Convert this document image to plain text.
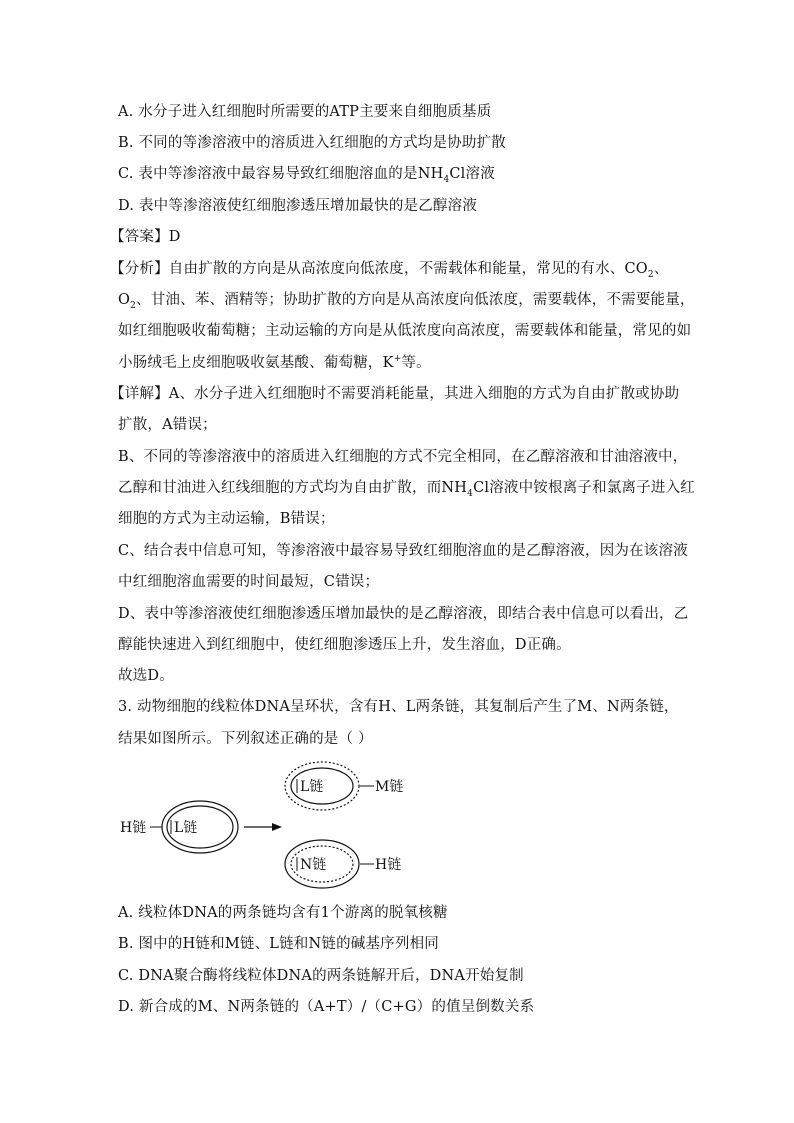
A. 水分子进入红细胞时所需要的ATP主要来自细胞质基质
B. 不同的等渗溶液中的溶质进入红细胞的方式均是协助扩散
C. 表中等渗溶液中最容易导致红细胞溶血的是$NH_4Cl$溶液
D. 表中等渗溶液使红细胞渗透压增加最快的是乙醇溶液
【答案】D
【分析】自由扩散的方向是从高浓度向低浓度，不需载体和能量，常见的有水、$CO_2$、
$O_2$、甘油、苯、酒精等；协助扩散的方向是从高浓度向低浓度，需要载体，不需要能量，
如红细胞吸收葡萄糖；主动运输的方向是从低浓度向高浓度，需要载体和能量，常见的如
小肠绒毛上皮细胞吸收氨基酸、葡萄糖，K+等。
【详解】A、水分子进入红细胞时不需要消耗能量，其进入细胞的方式为自由扩散或协助
扩散，A错误；
B、不同的等渗溶液中的溶质进入红细胞的方式不完全相同，在乙醇溶液和甘油溶液中，
乙醇和甘油进入红线细胞的方式均为自由扩散，而$NH_4Cl$溶液中铵根离子和氯离子进入红
细胞的方式为主动运输，B错误；
C、结合表中信息可知，等渗溶液中最容易导致红细胞溶血的是乙醇溶液，因为在该溶液
中红细胞溶血需要的时间最短，C错误；
D、表中等渗溶液使红细胞渗透压增加最快的是乙醇溶液，即结合表中信息可以看出，乙
醇能快速进入到红细胞中，使红细胞渗透压上升，发生溶血，D正确。
故选D。
3. 动物细胞的线粒体DNA呈环状，含有H、L两条链，其复制后产生了M、N两条链，
结果如图所示。下列叙述正确的是（ ）
H链 L链
L链	M链
N链	H链
A. 线粒体DNA的两条链均含有1个游离的脱氧核糖
B. 图中的H链和M链、L链和N链的碱基序列相同
C. DNA聚合酶将线粒体DNA的两条链解开后，DNA开始复制
D. 新合成的M、N两条链的（A+T）/（C+G）的值呈倒数关系
